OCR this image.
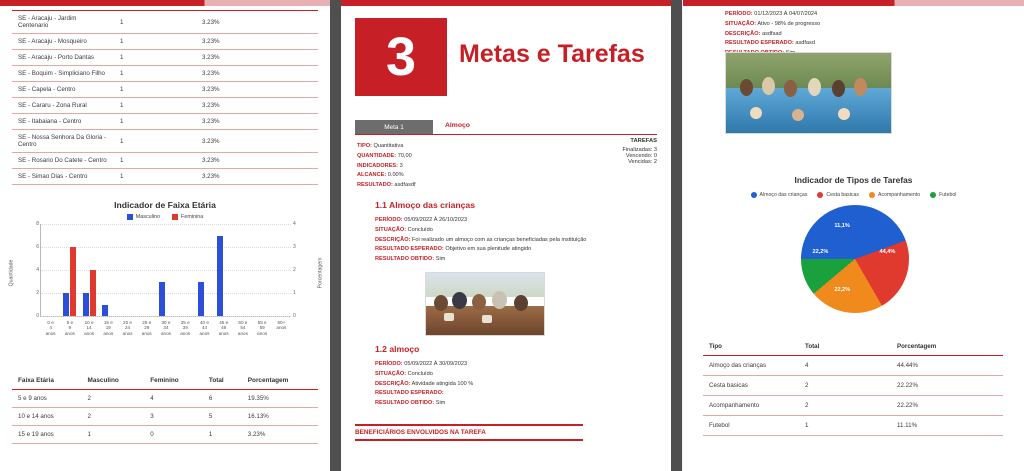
SE - Aracaju - Jardim Centenario	1	3.23%
SE - Aracaju - Mosqueiro	1	3.23%
SE - Aracaju - Porto Dantas	1	3.23%
SE - Boquim - Simpliciano Filho	1	3.23%
SE - Capela - Centro	1	3.23%
SE - Cararu - Zona Rural	1	3.23%
SE - Itabaiana - Centro	1	3.23%
SE - Nossa Senhora Da Gloria - Centro	1	3.23%
SE - Rosario Do Catete - Centro	1	3.23%
SE - Simao Dias - Centro	1	3.23%
Indicador de Faixa Etária
Masculino	Feminina
Quantidade	Porcentagem
0
2
4
6
8
0
1
2
3
4
0 e
4
anos
5 e
9
anos
10 e
14
anos
15 e
19
anos
20 e
24
anos
25 e
29
anos
30 e
34
anos
35 e
39
anos
40 e
44
anos
45 e
49
anos
50 e
54
anos
55 e
59
anos
60+
anos
Faixa Etária	Masculino	Feminino	Total	Porcentagem
5 e 9 anos	2	4	6	19.35%
10 e 14 anos	2	3	5	16.13%
15 e 19 anos	1	0	1	3.23%
3	Metas e Tarefas
Meta 1	Almoço
TIPO: Quantitativa
QUANTIDADE: 70,00
INDICADORES: 3
ALCANCE: 0.00%
RESULTADO: asdfasdf
TAREFAS
Finalizadas: 3
Vencendo: 0
Vencidas: 2
1.1 Almoço das crianças
PERÍODO: 05/09/2022 À 26/10/2023
SITUAÇÃO: Concluído
DESCRIÇÃO: Foi realizado um almoço com as crianças beneficiadas pela instituição
RESULTADO ESPERADO: Objetivo em sua plenitude atingido
RESULTADO OBTIDO: Sim
1.2 almoço
PERÍODO: 05/09/2022 À 30/09/2023
SITUAÇÃO: Concluído
DESCRIÇÃO: Atividade atingida 100 %
RESULTADO ESPERADO:
RESULTADO OBTIDO: Sim
BENEFICIÁRIOS ENVOLVIDOS NA TAREFA
PERÍODO: 01/12/2023 À 04/07/2024
SITUAÇÃO: Ativo - 98% de progresso
DESCRIÇÃO: asdfsad
RESULTADO ESPERADO: asdfasd
Indicador de Tipos de Tarefas
Almoço das crianças	Cesta basicas	Acompanhamento	Futebol
44,4%
22,2%
22,2%
11,1%
Tipo	Total	Porcentagem
Almoço das crianças	4	44.44%
Cesta basicas	2	22.22%
Acompanhamento	2	22.22%
Futebol	1	11.11%
